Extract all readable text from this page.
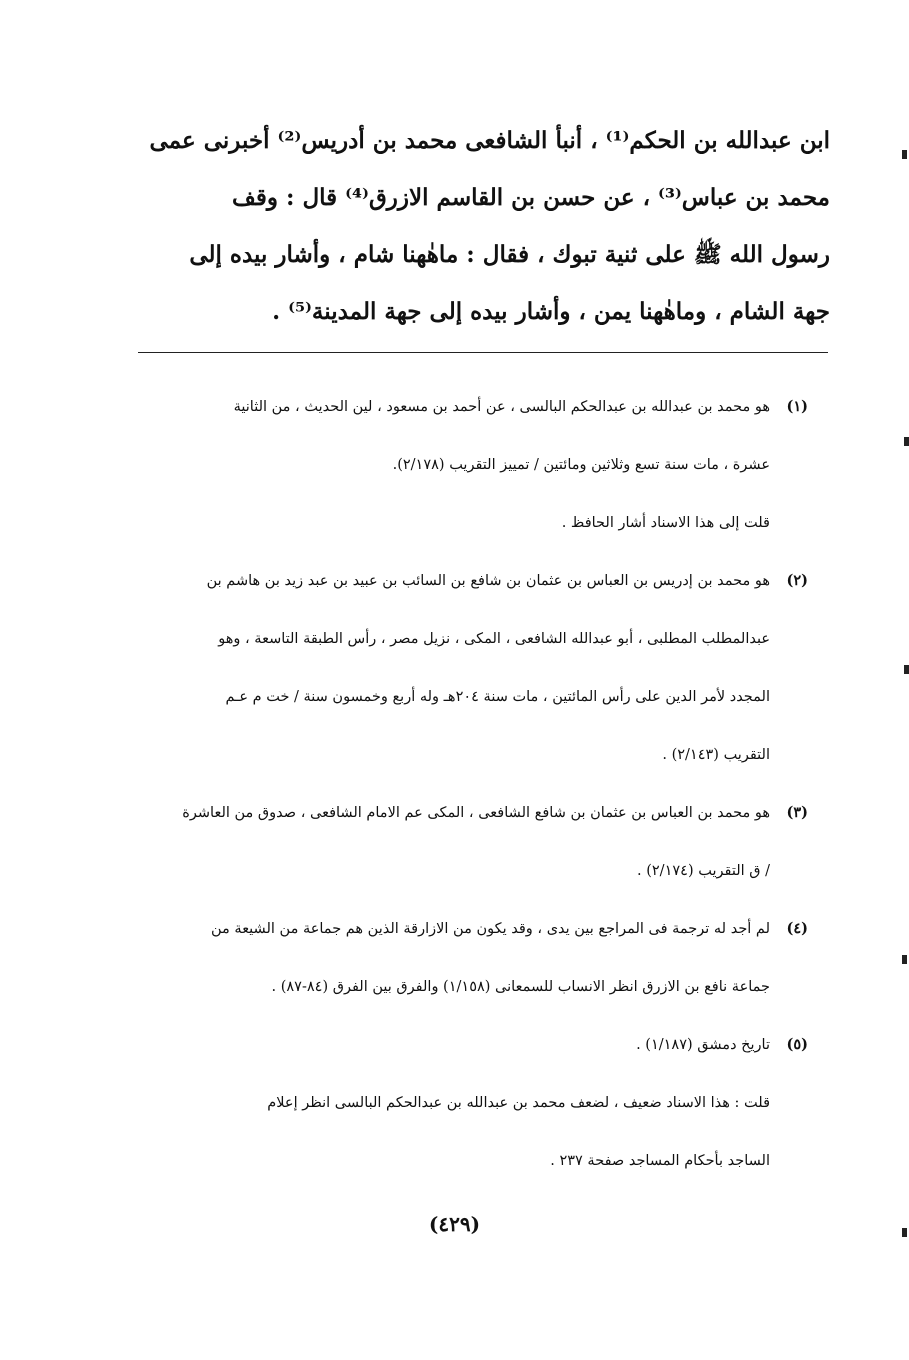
ابن عبدالله بن الحكم⁽¹⁾ ، أنبأ الشافعى محمد بن أدريس⁽²⁾ أخبرنى عمى
محمد بن عباس⁽³⁾ ، عن حسن بن القاسم الازرق⁽⁴⁾ قال : وقف
رسول الله ﷺ على ثنية تبوك ، فقال : ماهٰهنا شام ، وأشار بيده إلى
جهة الشام ، وماهٰهنا يمن ، وأشار بيده إلى جهة المدينة⁽⁵⁾ .
(١)هو محمد بن عبدالله بن عبدالحكم البالسى ، عن أحمد بن مسعود ، لين الحديث ، من الثانية
عشرة ، مات سنة تسع وثلاثين ومائتين / تمييز التقريب (٢/١٧٨).
قلت إلى هذا الاسناد أشار الحافظ .
(٢)هو محمد بن إدريس بن العباس بن عثمان بن شافع بن السائب بن عبيد بن عبد زيد بن هاشم بن
عبدالمطلب المطلبى ، أبو عبدالله الشافعى ، المكى ، نزيل مصر ، رأس الطبقة التاسعة ، وهو
المجدد لأمر الدين على رأس المائتين ، مات سنة ٢٠٤هـ وله أربع وخمسون سنة / خت م عـم
التقريب (٢/١٤٣) .
(٣)هو محمد بن العباس بن عثمان بن شافع الشافعى ، المكى عم الامام الشافعى ، صدوق من العاشرة
/ ق التقريب (٢/١٧٤) .
(٤)لم أجد له ترجمة فى المراجع بين يدى ، وقد يكون من الازارقة الذين هم جماعة من الشيعة من
جماعة نافع بن الازرق انظر الانساب للسمعانى (١/١٥٨) والفرق بين الفرق (٨٤-٨٧) .
(٥)تاريخ دمشق (١/١٨٧) .
قلت : هذا الاسناد ضعيف ، لضعف محمد بن عبدالله بن عبدالحكم البالسى انظر إعلام
الساجد بأحكام المساجد صفحة ٢٣٧ .
(٤٢٩)
